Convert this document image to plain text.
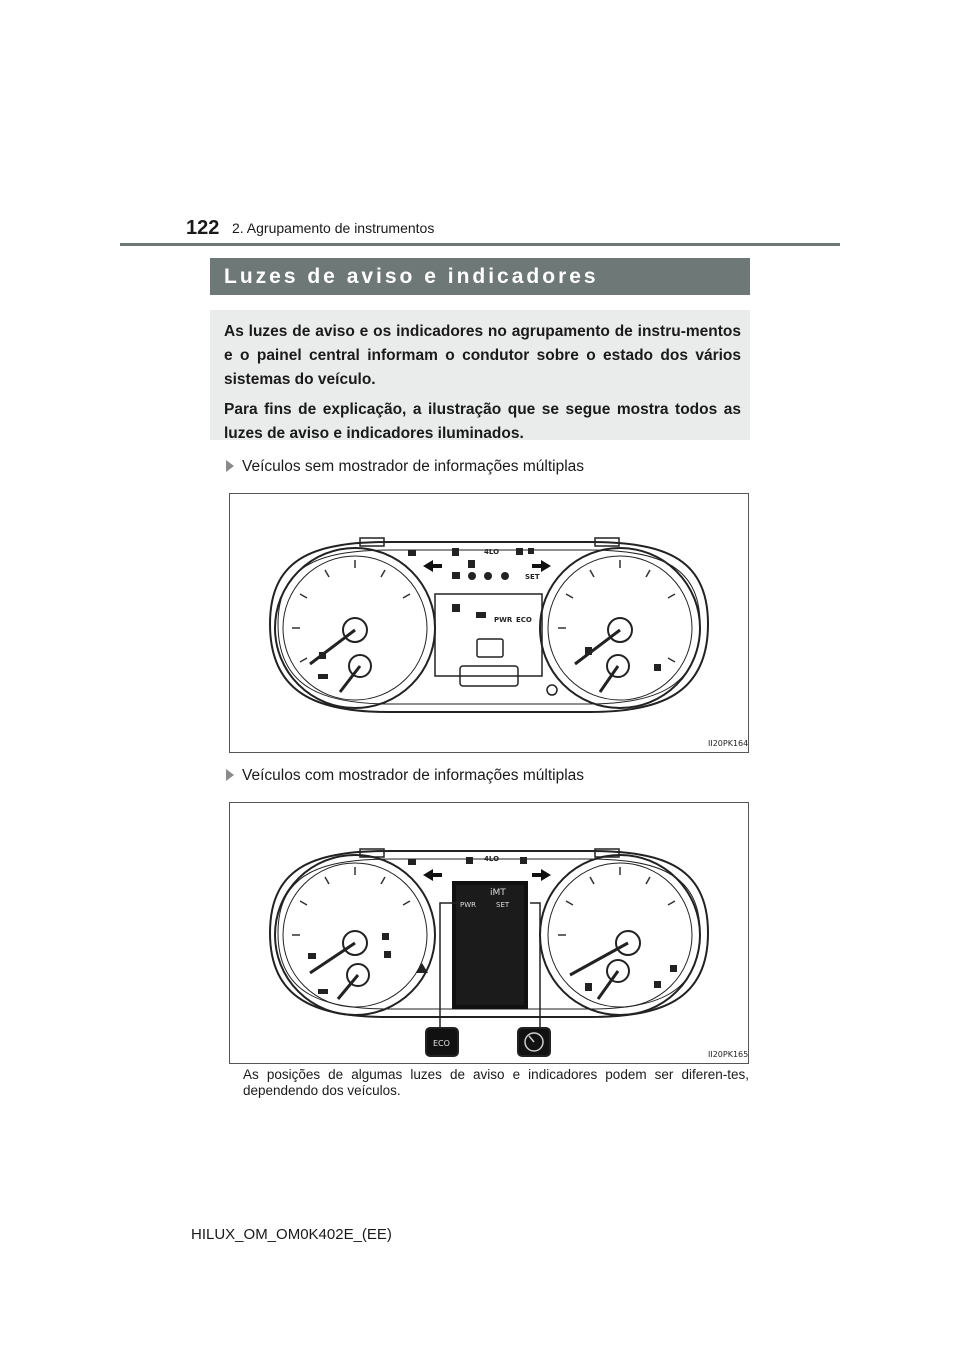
122 2. Agrupamento de instrumentos
Luzes de aviso e indicadores

As luzes de aviso e os indicadores no agrupamento de instru-mentos e o painel central informam o condutor sobre o estado dos vários sistemas do veículo.

Para fins de explicação, a ilustração que se segue mostra todos as luzes de aviso e indicadores iluminados.

Veículos sem mostrador de informações múltiplas
4LO
SET
PWR ECO
II20PK164
Veículos com mostrador de informações múltiplas
iMT
PWR	SET
4LO
ECO
II20PK165
As posições de algumas luzes de aviso e indicadores podem ser diferen-tes, dependendo dos veículos.
HILUX_OM_OM0K402E_(EE)
